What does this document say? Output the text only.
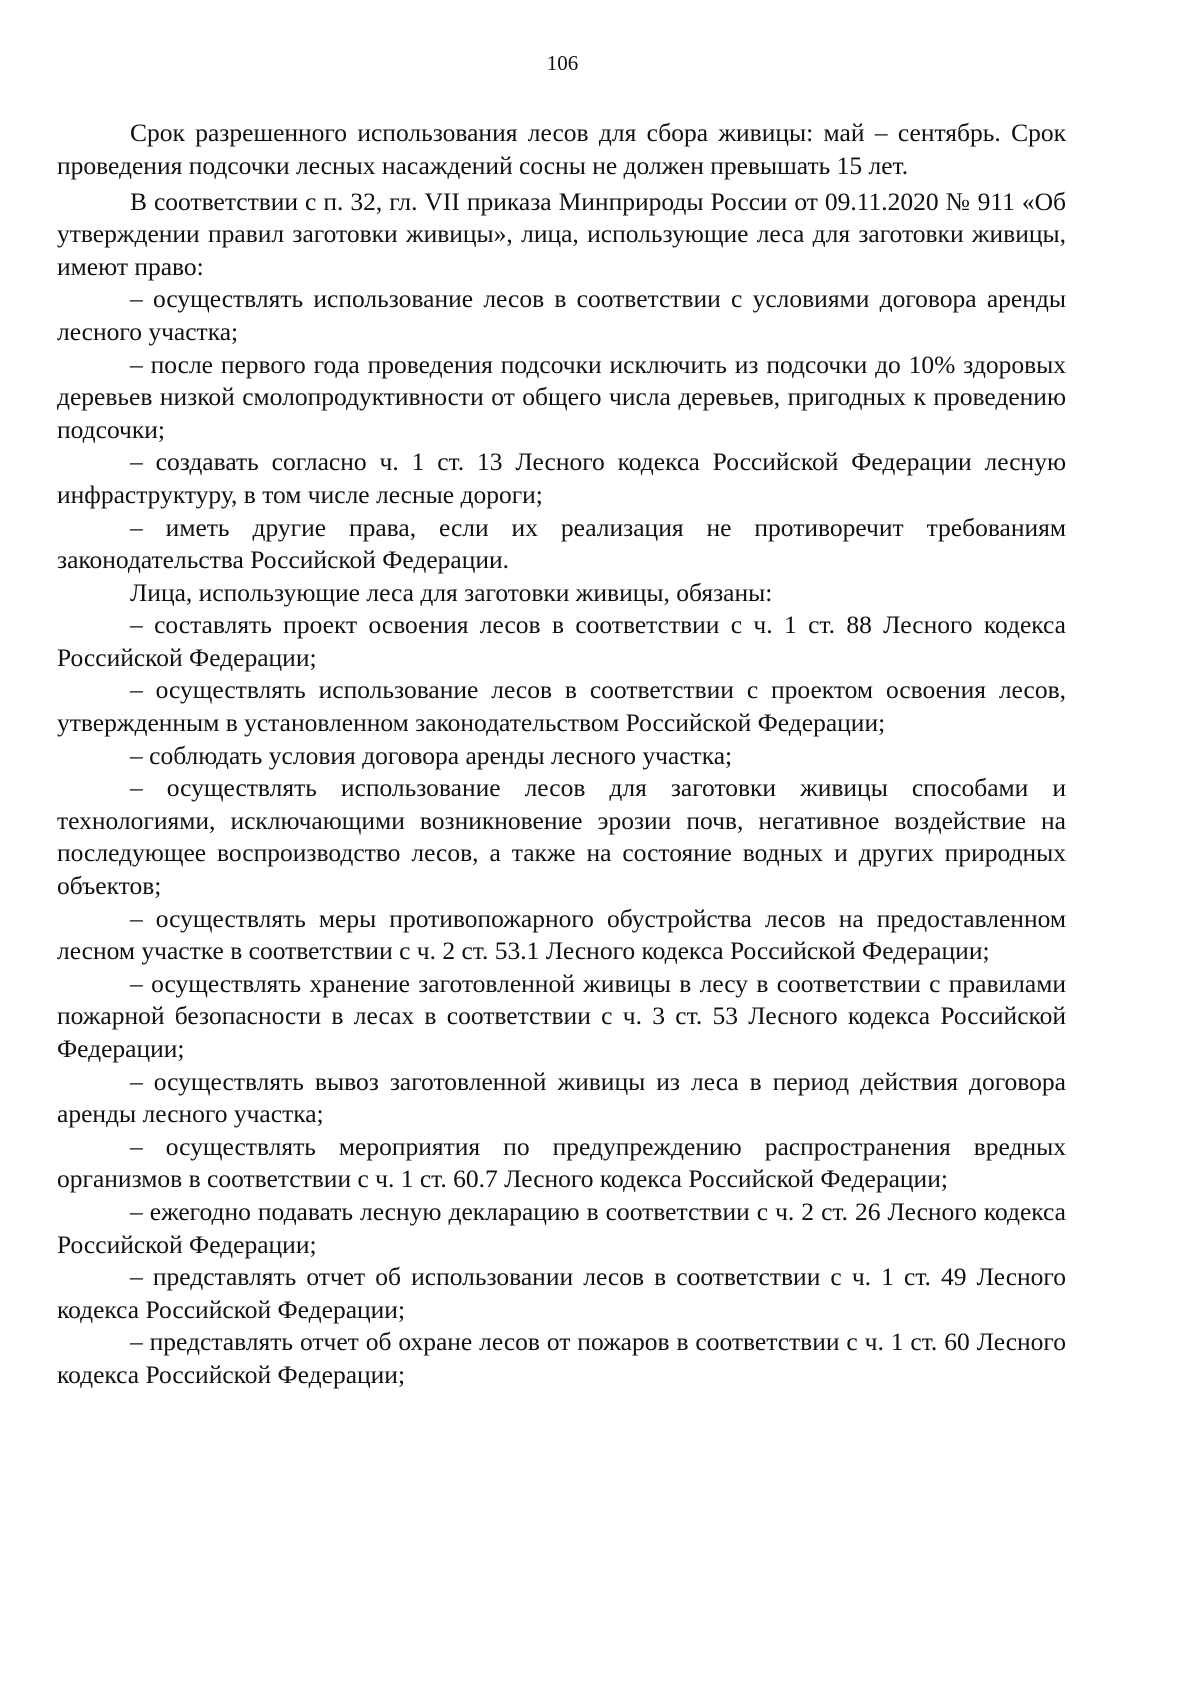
106

Срок разрешенного использования лесов для сбора живицы: май – сентябрь. Срок проведения подсочки лесных насаждений сосны не должен превышать 15 лет.

В соответствии с п. 32, гл. VII приказа Минприроды России от 09.11.2020 № 911 «Об утверждении правил заготовки живицы», лица, использующие леса для заготовки живицы, имеют право:

– осуществлять использование лесов в соответствии с условиями договора аренды лесного участка;

– после первого года проведения подсочки исключить из подсочки до 10% здоровых деревьев низкой смолопродуктивности от общего числа деревьев, пригодных к проведению подсочки;

– создавать согласно ч. 1 ст. 13 Лесного кодекса Российской Федерации лесную инфраструктуру, в том числе лесные дороги;

– иметь другие права, если их реализация не противоречит требованиям законодательства Российской Федерации.

Лица, использующие леса для заготовки живицы, обязаны:

– составлять проект освоения лесов в соответствии с ч. 1 ст. 88 Лесного кодекса Российской Федерации;

– осуществлять использование лесов в соответствии с проектом освоения лесов, утвержденным в установленном законодательством Российской Федерации;

– соблюдать условия договора аренды лесного участка;

– осуществлять использование лесов для заготовки живицы способами и технологиями, исключающими возникновение эрозии почв, негативное воздействие на последующее воспроизводство лесов, а также на состояние водных и других природных объектов;

– осуществлять меры противопожарного обустройства лесов на предоставленном лесном участке в соответствии с ч. 2 ст. 53.1 Лесного кодекса Российской Федерации;

– осуществлять хранение заготовленной живицы в лесу в соответствии с правилами пожарной безопасности в лесах в соответствии с ч. 3 ст. 53 Лесного кодекса Российской Федерации;

– осуществлять вывоз заготовленной живицы из леса в период действия договора аренды лесного участка;

– осуществлять мероприятия по предупреждению распространения вредных организмов в соответствии с ч. 1 ст. 60.7 Лесного кодекса Российской Федерации;

– ежегодно подавать лесную декларацию в соответствии с ч. 2 ст. 26 Лесного кодекса Российской Федерации;

– представлять отчет об использовании лесов в соответствии с ч. 1 ст. 49 Лесного кодекса Российской Федерации;

– представлять отчет об охране лесов от пожаров в соответствии с ч. 1 ст. 60 Лесного кодекса Российской Федерации;
